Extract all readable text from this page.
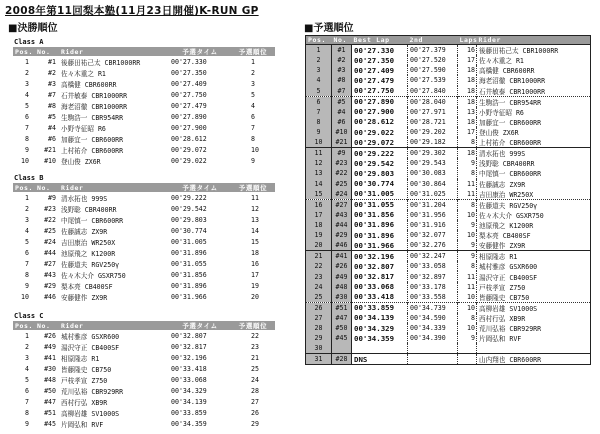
2008年第11回梨本塾(11月23日開催)K-RUN GP
■決勝順位	■予選順位
Class A
Class B
Class C
Pos.	No.	Rider	予選タイム	予選順位
1	#1	後藤田祐己太 CBR1000RR	00'27.330	1
2	#2	佐々木重之 R1	00'27.350	2
3	#3	高橋健 CBR600RR	00'27.409	3
4	#7	石井敏泰 CBR1000RR	00'27.750	5
5	#8	海老沼徹 CBR1000RR	00'27.479	4
6	#5	生駒浩一 CBR954RR	00'27.890	6
7	#4	小野寺征昭 R6	00'27.900	7
8	#6	加藤宜一 CBR600RR	00'28.612	8
9	#21	上村祐介 CBR600RR	00'29.072	10
10	#10	登山俊 ZX6R	00'29.022	9
Pos.	No.	Rider	予選タイム	予選順位
1	#9	清水拓也 999S	00'29.222	11
2	#23	浅野聡 CBR400RR	00'29.542	12
3	#22	中尾慎一 CBR600RR	00'29.803	13
4	#25	佐藤誠志 ZX9R	00'30.774	14
5	#24	吉田康治 WR250X	00'31.005	15
6	#44	池原飛之 K1200R	00'31.896	18
7	#27	佐藤道夫 RGV250γ	00'31.055	16
8	#43	佐々木大介 GSXR750	00'31.856	17
9	#29	梨本亮 CB400SF	00'31.896	19
10	#46	安藤健作 ZX9R	00'31.966	20
Pos.	No.	Rider	予選タイム	予選順位
1	#26	城村雅彦 GSXR600	00'32.807	22
2	#49	湯沢守正 CB400SF	00'32.817	23
3	#41	相原隆志 R1	00'32.196	21
4	#30	皆藤隆史 CB750	00'33.418	25
5	#48	戸枝孝宣 Z750	00'33.068	24
6	#50	荒川弘裕 CBR929RR	00'34.329	28
7	#47	西村行弘 XB9R	00'34.139	27
8	#51	高柳岩雄 SV1000S	00'33.859	26
9	#45	片岡弘和 RVF	00'34.359	29
Pos.	No.	Best Lap	2nd	Laps	Rider
1	#1	00'27.330	00'27.379	16	後藤田祐己太 CBR1000RR
2	#2	00'27.350	00'27.520	17	佐々木重之 R1
3	#3	00'27.409	00'27.590	18	高橋健 CBR600RR
4	#8	00'27.479	00'27.539	18	海老沼徹 CBR1000RR
5	#7	00'27.750	00'27.840	18	石井敏泰 CBR1000RR
6	#5	00'27.890	00'28.040	18	生駒浩一 CBR954RR
7	#4	00'27.900	00'27.971	13	小野寺征昭 R6
8	#6	00'28.612	00'28.721	18	加藤宜一 CBR600RR
9	#10	00'29.022	00'29.202	17	登山俊 ZX6R
10	#21	00'29.072	00'29.182	8	上村祐介 CBR600RR
11	#9	00'29.222	00'29.302	18	清水拓也 999S
12	#23	00'29.542	00'29.543	9	浅野聡 CBR400RR
13	#22	00'29.803	00'30.083	8	中尾慎一 CBR600RR
14	#25	00'30.774	00'30.864	11	佐藤誠志 ZX9R
15	#24	00'31.005	00'31.025	11	吉田康治 WR250X
16	#27	00'31.055	00'31.204	8	佐藤道夫 RGV250γ
17	#43	00'31.856	00'31.956	10	佐々木大介 GSXR750
18	#44	00'31.896	00'31.916	9	池原飛之 K1200R
19	#29	00'31.896	00'32.077	10	梨本亮 CB400SF
20	#46	00'31.966	00'32.276	9	安藤健作 ZX9R
21	#41	00'32.196	00'32.247	9	相原隆志 R1
22	#26	00'32.807	00'33.058	8	城村雅彦 GSXR600
23	#49	00'32.817	00'32.897	11	湯沢守正 CB400SF
24	#48	00'33.068	00'33.178	11	戸枝孝宣 Z750
25	#30	00'33.418	00'33.558	10	皆藤隆史 CB750
26	#51	00'33.859	00'34.739	10	高柳岩雄 SV1000S
27	#47	00'34.139	00'34.590	8	西村行弘 XB9R
28	#50	00'34.329	00'34.339	10	荒川弘裕 CBR929RR
29	#45	00'34.359	00'34.390	9	片岡弘和 RVF
30					
31	#28	DNS			山内翔也 CBR600RR
